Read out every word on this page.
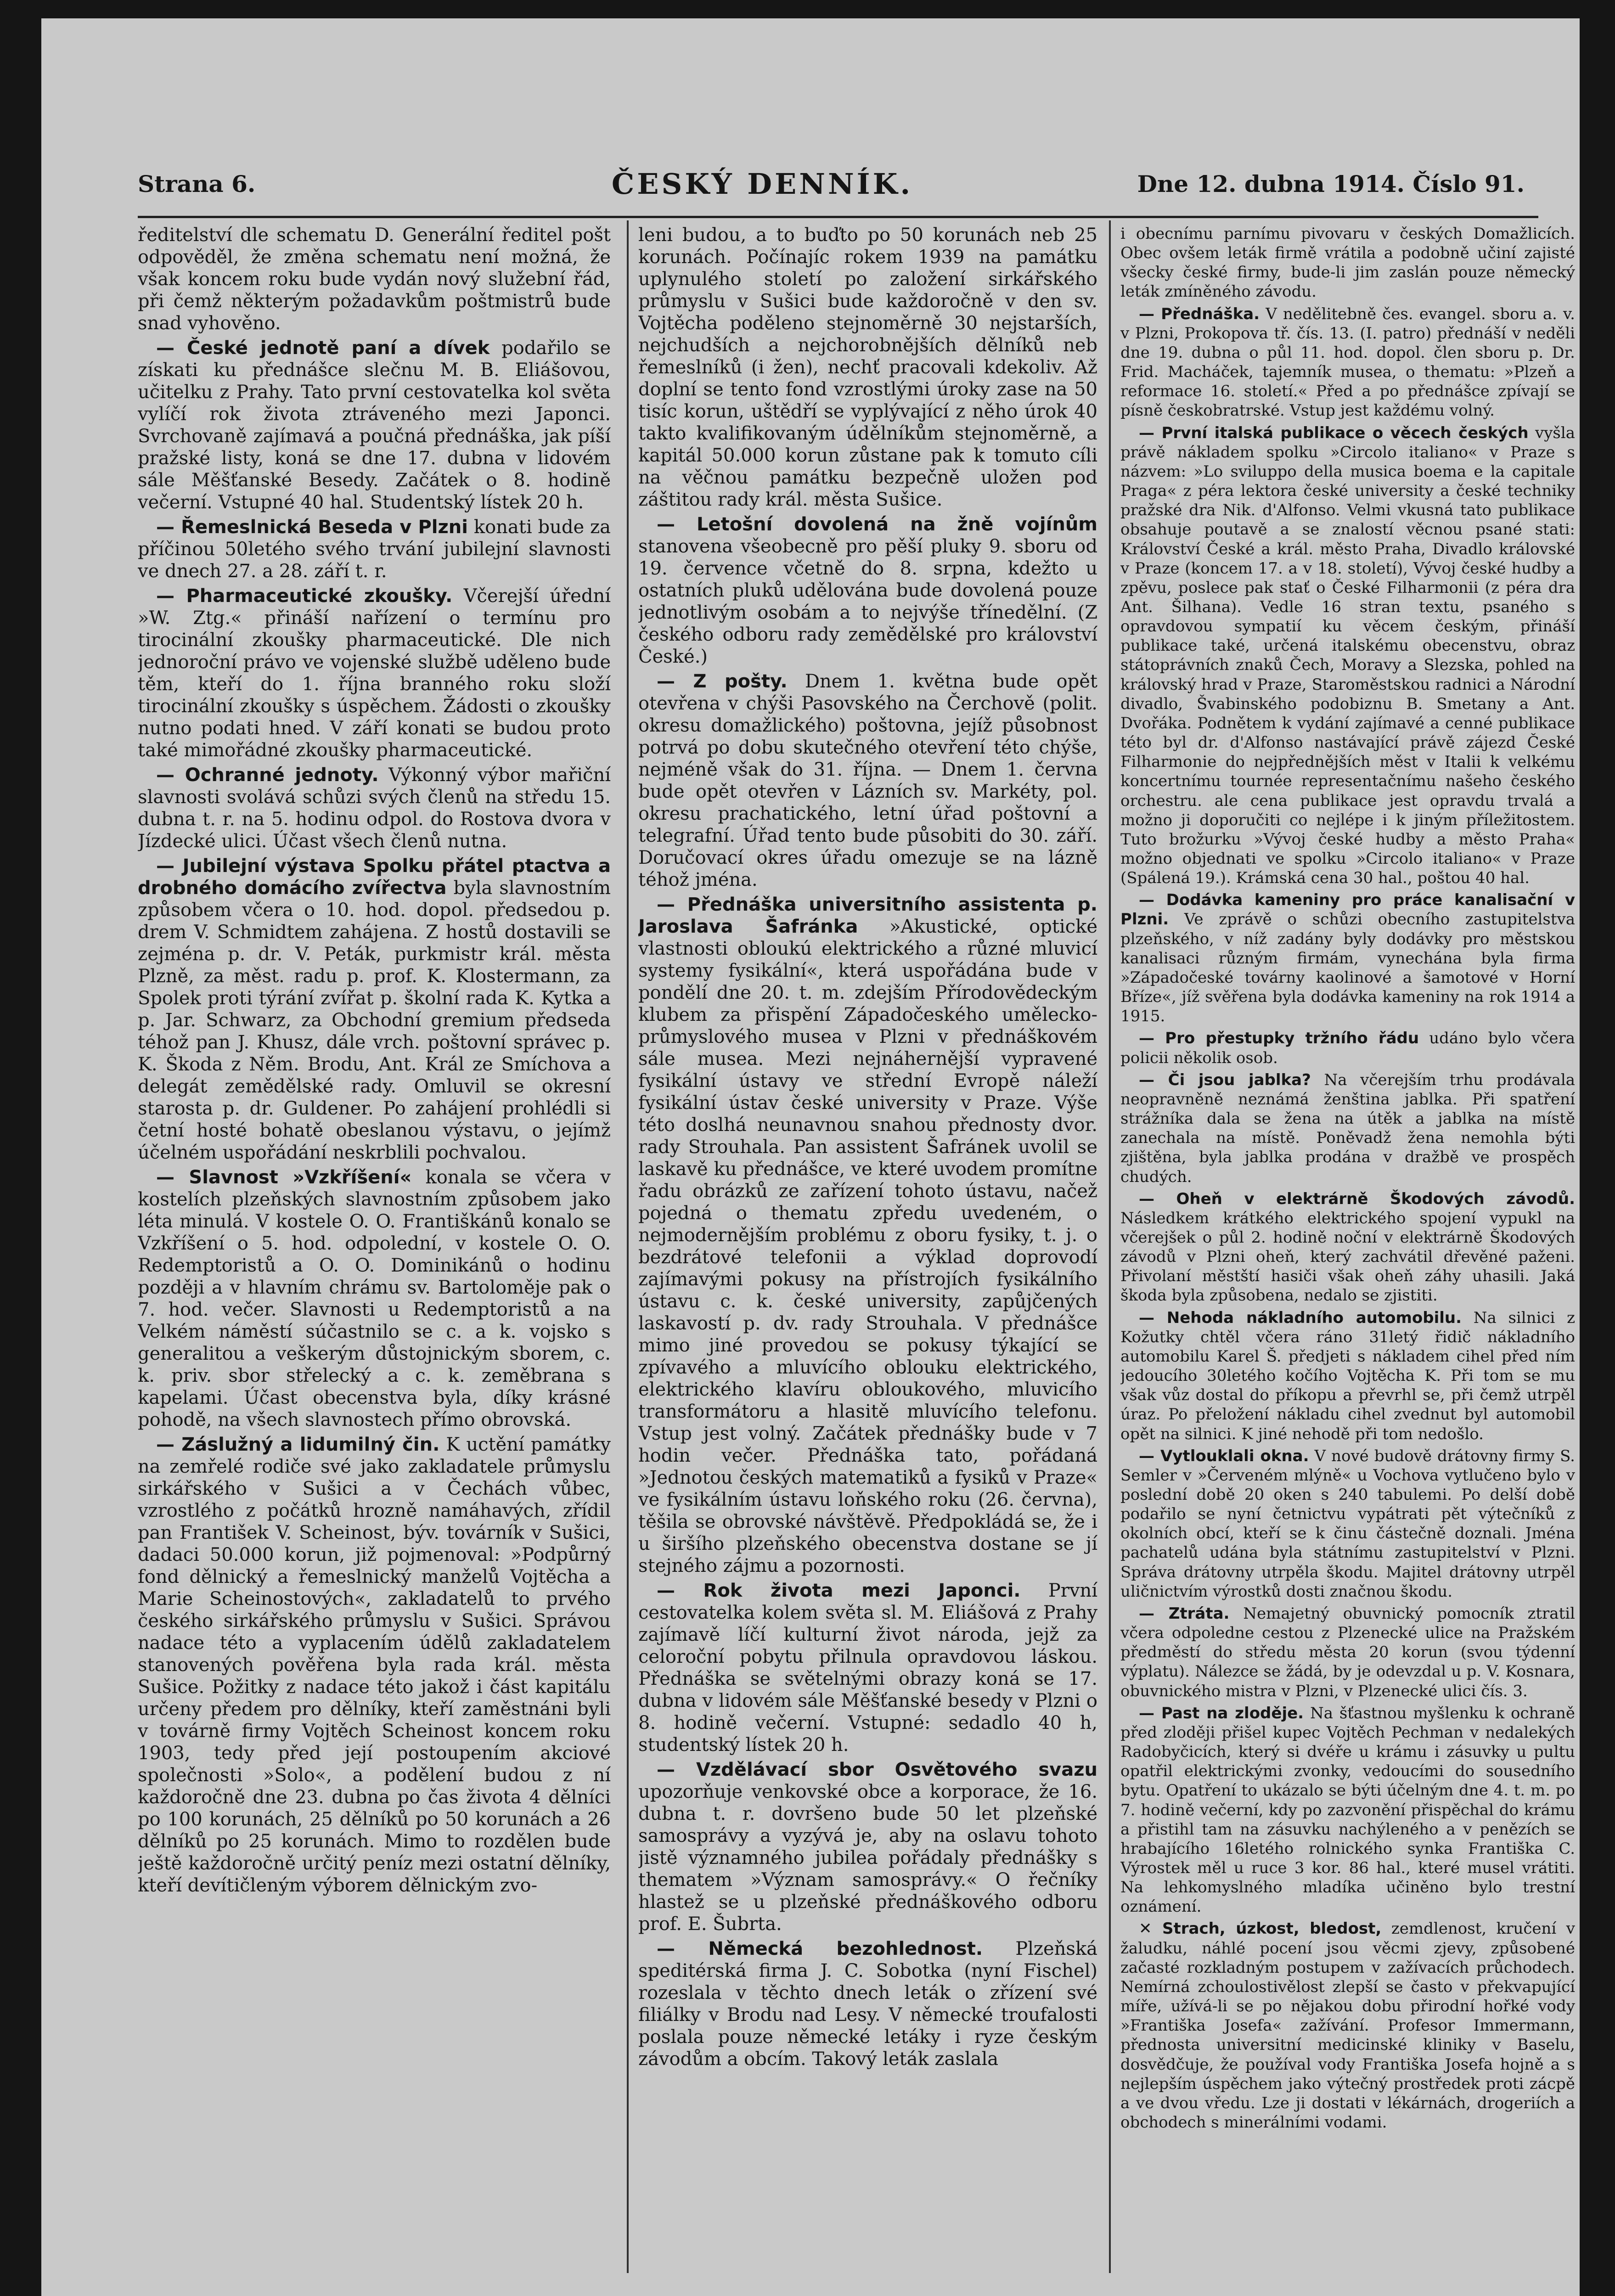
Strana 6.	ČESKÝ DENNÍK.	Dne 12. dubna 1914. Číslo 91.

ředitelství dle schematu D. Generální ředitel pošt odpověděl, že změna schematu není možná, že však koncem roku bude vydán nový služební řád, při čemž některým požadavkům poštmistrů bude snad vyhověno.

— České jednotě paní a dívek podařilo se získati ku přednášce slečnu M. B. Eliášovou, učitelku z Prahy. Tato první cestovatelka kol světa vylíčí rok života ztráveného mezi Japonci. Svrchovaně zajímavá a poučná přednáška, jak píší pražské listy, koná se dne 17. dubna v lidovém sále Měšťanské Besedy. Začátek o 8. hodině večerní. Vstupné 40 hal. Studentský lístek 20 h.

— Řemeslnická Beseda v Plzni konati bude za příčinou 50letého svého trvání jubilejní slavnosti ve dnech 27. a 28. září t. r.

— Pharmaceutické zkoušky. Včerejší úřední »W. Ztg.« přináší nařízení o termínu pro tirocinální zkoušky pharmaceutické. Dle nich jednoroční právo ve vojenské službě uděleno bude těm, kteří do 1. října branného roku složí tirocinální zkoušky s úspěchem. Žádosti o zkoušky nutno podati hned. V září konati se budou proto také mimořádné zkoušky pharmaceutické.

— Ochranné jednoty. Výkonný výbor mařiční slavnosti svolává schůzi svých členů na středu 15. dubna t. r. na 5. hodinu odpol. do Rostova dvora v Jízdecké ulici. Účast všech členů nutna.

— Jubilejní výstava Spolku přátel ptactva a drobného domácího zvířectva byla slavnostním způsobem včera o 10. hod. dopol. předsedou p. drem V. Schmidtem zahájena. Z hostů dostavili se zejména p. dr. V. Peták, purkmistr král. města Plzně, za měst. radu p. prof. K. Klostermann, za Spolek proti týrání zvířat p. školní rada K. Kytka a p. Jar. Schwarz, za Obchodní gremium předseda téhož pan J. Khusz, dále vrch. poštovní správec p. K. Škoda z Něm. Brodu, Ant. Král ze Smíchova a delegát zemědělské rady. Omluvil se okresní starosta p. dr. Guldener. Po zahájení prohlédli si četní hosté bohatě obeslanou výstavu, o jejímž účelném uspořádání neskrblili pochvalou.

— Slavnost »Vzkříšení« konala se včera v kostelích plzeňských slavnostním způsobem jako léta minulá. V kostele O. O. Františkánů konalo se Vzkříšení o 5. hod. odpolední, v kostele O. O. Redemptoristů a O. O. Dominikánů o hodinu později a v hlavním chrámu sv. Bartoloměje pak o 7. hod. večer. Slavnosti u Redemptoristů a na Velkém náměstí súčastnilo se c. a k. vojsko s generalitou a veškerým důstojnickým sborem, c. k. priv. sbor střelecký a c. k. zeměbrana s kapelami. Účast obecenstva byla, díky krásné pohodě, na všech slavnostech přímo obrovská.

— Záslužný a lidumilný čin. K uctění památky na zemřelé rodiče své jako zakladatele průmyslu sirkářského v Sušici a v Čechách vůbec, vzrostlého z počátků hrozně namáhavých, zřídil pan František V. Scheinost, býv. továrník v Sušici, dadaci 50.000 korun, již pojmenoval: »Podpůrný fond dělnický a řemeslnický manželů Vojtěcha a Marie Scheinostových«, zakladatelů to prvého českého sirkářského průmyslu v Sušici. Správou nadace této a vyplacením údělů zakladatelem stanovených pověřena byla rada král. města Sušice. Požitky z nadace této jakož i část kapitálu určeny předem pro dělníky, kteří zaměstnáni byli v továrně firmy Vojtěch Scheinost koncem roku 1903, tedy před její postoupením akciové společnosti »Solo«, a podělení budou z ní každoročně dne 23. dubna po čas života 4 dělníci po 100 korunách, 25 dělníků po 50 korunách a 26 dělníků po 25 korunách. Mimo to rozdělen bude ještě každoročně určitý peníz mezi ostatní dělníky, kteří devítičleným výborem dělnickým zvo-

leni budou, a to buďto po 50 korunách neb 25 korunách. Počínajíc rokem 1939 na památku uplynulého století po založení sirkářského průmyslu v Sušici bude každoročně v den sv. Vojtěcha poděleno stejnoměrně 30 nejstarších, nejchudších a nejchorobnějších dělníků neb řemeslníků (i žen), nechť pracovali kdekoliv. Až doplní se tento fond vzrostlými úroky zase na 50 tisíc korun, uštědří se vyplývající z něho úrok 40 takto kvalifikovaným údělníkům stejnoměrně, a kapitál 50.000 korun zůstane pak k tomuto cíli na věčnou památku bezpečně uložen pod záštitou rady král. města Sušice.

— Letošní dovolená na žně vojínům stanovena všeobecně pro pěší pluky 9. sboru od 19. července včetně do 8. srpna, kdežto u ostatních pluků udělována bude dovolená pouze jednotlivým osobám a to nejvýše třínedělní. (Z českého odboru rady zemědělské pro království České.)

— Z pošty. Dnem 1. května bude opět otevřena v chýši Pasovského na Čerchově (polit. okresu domažlického) poštovna, jejíž působnost potrvá po dobu skutečného otevření této chýše, nejméně však do 31. října. — Dnem 1. června bude opět otevřen v Lázních sv. Markéty, pol. okresu prachatického, letní úřad poštovní a telegrafní. Úřad tento bude působiti do 30. září. Doručovací okres úřadu omezuje se na lázně téhož jména.

— Přednáška universitního assistenta p. Jaroslava Šafránka »Akustické, optické vlastnosti obloukú elektrického a různé mluvicí systemy fysikální«, která uspořádána bude v pondělí dne 20. t. m. zdejším Přírodovědeckým klubem za přispění Západočeského umělecko-průmyslového musea v Plzni v přednáškovém sále musea. Mezi nejnáhernější vypravené fysikální ústavy ve střední Evropě náleží fysikální ústav české university v Praze. Výše této doslhá neunavnou snahou přednosty dvor. rady Strouhala. Pan assistent Šafránek uvolil se laskavě ku přednášce, ve které uvodem promítne řadu obrázků ze zařízení tohoto ústavu, načež pojedná o thematu zpředu uvedeném, o nejmodernějším problému z oboru fysiky, t. j. o bezdrátové telefonii a výklad doprovodí zajímavými pokusy na přístrojích fysikálního ústavu c. k. české university, zapůjčených laskavostí p. dv. rady Strouhala. V přednášce mimo jiné provedou se pokusy týkající se zpívavého a mluvícího oblouku elektrického, elektrického klavíru obloukového, mluvicího transformátoru a hlasitě mluvícího telefonu. Vstup jest volný. Začátek přednášky bude v 7 hodin večer. Přednáška tato, pořádaná »Jednotou českých matematiků a fysiků v Praze« ve fysikálním ústavu loňského roku (26. června), těšila se obrovské návštěvě. Předpokládá se, že i u širšího plzeňského obecenstva dostane se jí stejného zájmu a pozornosti.

— Rok života mezi Japonci. První cestovatelka kolem světa sl. M. Eliášová z Prahy zajímavě líčí kulturní život národa, jejž za celoroční pobytu přilnula opravdovou láskou. Přednáška se světelnými obrazy koná se 17. dubna v lidovém sále Měšťanské besedy v Plzni o 8. hodině večerní. Vstupné: sedadlo 40 h, studentský lístek 20 h.

— Vzdělávací sbor Osvětového svazu upozorňuje venkovské obce a korporace, že 16. dubna t. r. dovršeno bude 50 let plzeňské samosprávy a vyzývá je, aby na oslavu tohoto jistě významného jubilea pořádaly přednášky s thematem »Význam samosprávy.« O řečníky hlastež se u plzeňské přednáškového odboru prof. E. Šubrta.

— Německá bezohlednost. Plzeňská speditérská firma J. C. Sobotka (nyní Fischel) rozeslala v těchto dnech leták o zřízení své filiálky v Brodu nad Lesy. V německé troufalosti poslala pouze německé letáky i ryze českým závodům a obcím. Takový leták zaslala

i obecnímu parnímu pivovaru v českých Domažlicích. Obec ovšem leták firmě vrátila a podobně učiní zajisté všecky české firmy, bude-li jim zaslán pouze německý leták zmíněného závodu.

— Přednáška. V nedělitebně čes. evangel. sboru a. v. v Plzni, Prokopova tř. čís. 13. (I. patro) přednáší v neděli dne 19. dubna o půl 11. hod. dopol. člen sboru p. Dr. Frid. Macháček, tajemník musea, o thematu: »Plzeň a reformace 16. století.« Před a po přednášce zpívají se písně českobratrské. Vstup jest každému volný.

— První italská publikace o věcech českých vyšla právě nákladem spolku »Circolo italiano« v Praze s názvem: »Lo sviluppo della musica boema e la capitale Praga« z péra lektora české university a české techniky pražské dra Nik. d'Alfonso. Velmi vkusná tato publikace obsahuje poutavě a se znalostí věcnou psané stati: Království České a král. město Praha, Divadlo královské v Praze (koncem 17. a v 18. století), Vývoj české hudby a zpěvu, poslece pak stať o České Filharmonii (z péra dra Ant. Šilhana). Vedle 16 stran textu, psaného s opravdovou sympatií ku věcem českým, přináší publikace také, určená italskému obecenstvu, obraz státoprávních znaků Čech, Moravy a Slezska, pohled na královský hrad v Praze, Staroměstskou radnici a Národní divadlo, Švabinského podobiznu B. Smetany a Ant. Dvořáka. Podnětem k vydání zajímavé a cenné publikace této byl dr. d'Alfonso nastávající právě zájezd České Filharmonie do nejpřednějších měst v Italii k velkému koncertnímu tournée representačnímu našeho českého orchestru. ale cena publikace jest opravdu trvalá a možno ji doporučiti co nejlépe i k jiným příležitostem. Tuto brožurku »Vývoj české hudby a město Praha« možno objednati ve spolku »Circolo italiano« v Praze (Spálená 19.). Krámská cena 30 hal., poštou 40 hal.

— Dodávka kameniny pro práce kanalisační v Plzni. Ve zprávě o schůzi obecního zastupitelstva plzeňského, v níž zadány byly dodávky pro městskou kanalisaci různým firmám, vynechána byla firma »Západočeské továrny kaolinové a šamotové v Horní Bříze«, jíž svěřena byla dodávka kameniny na rok 1914 a 1915.

— Pro přestupky tržního řádu udáno bylo včera policii několik osob.

— Či jsou jablka? Na včerejším trhu prodávala neopravněně neznámá ženština jablka. Při spatření strážníka dala se žena na útěk a jablka na místě zanechala na místě. Poněvadž žena nemohla býti zjištěna, byla jablka prodána v dražbě ve prospěch chudých.

— Oheň v elektrárně Škodových závodů. Následkem krátkého elektrického spojení vypukl na včerejšek o půl 2. hodině noční v elektrárně Škodových závodů v Plzni oheň, který zachvátil dřevěné paženi. Přivolaní městští hasiči však oheň záhy uhasili. Jaká škoda byla způsobena, nedalo se zjistiti.

— Nehoda nákladního automobilu. Na silnici z Kožutky chtěl včera ráno 31letý řidič nákladního automobilu Karel Š. předjeti s nákladem cihel před ním jedoucího 30letého kočího Vojtěcha K. Při tom se mu však vůz dostal do příkopu a převrhl se, při čemž utrpěl úraz. Po přeložení nákladu cihel zvednut byl automobil opět na silnici. K jiné nehodě při tom nedošlo.

— Vytlouklali okna. V nové budově drátovny firmy S. Semler v »Červeném mlýně« u Vochova vytlučeno bylo v poslední době 20 oken s 240 tabulemi. Po delší době podařilo se nyní četnictvu vypátrati pět výtečníků z okolních obcí, kteří se k činu částečně doznali. Jména pachatelů udána byla státnímu zastupitelství v Plzni. Správa drátovny utrpěla škodu. Majitel drátovny utrpěl uličnictvím výrostků dosti značnou škodu.

— Ztráta. Nemajetný obuvnický pomocník ztratil včera odpoledne cestou z Plzenecké ulice na Pražském předměstí do středu města 20 korun (svou týdenní výplatu). Nálezce se žádá, by je odevzdal u p. V. Kosnara, obuvnického mistra v Plzni, v Plzenecké ulici čís. 3.

— Past na zloděje. Na šťastnou myšlenku k ochraně před zloději přišel kupec Vojtěch Pechman v nedalekých Radobyčicích, který si dvéře u krámu i zásuvky u pultu opatřil elektrickými zvonky, vedoucími do sousedního bytu. Opatření to ukázalo se býti účelným dne 4. t. m. po 7. hodině večerní, kdy po zazvonění přispěchal do krámu a přistihl tam na zásuvku nachýleného a v penězích se hrabajícího 16letého rolnického synka Františka C. Výrostek měl u ruce 3 kor. 86 hal., které musel vrátiti. Na lehkomyslného mladíka učiněno bylo trestní oznámení.

✕ Strach, úzkost, bledost, zemdlenost, kručení v žaludku, náhlé pocení jsou věcmi zjevy, způsobené začasté rozkladným postupem v zažívacích průchodech. Nemírná zchoulostivělost zlepší se často v překvapující míře, užívá-li se po nějakou dobu přirodní hořké vody »Františka Josefa« zažívání. Profesor Immermann, přednosta universitní medicinské kliniky v Baselu, dosvědčuje, že používal vody Františka Josefa hojně a s nejlepším úspěchem jako výtečný prostředek proti zácpě a ve dvou vředu. Lze ji dostati v lékárnách, drogeriích a obchodech s minerálními vodami.
